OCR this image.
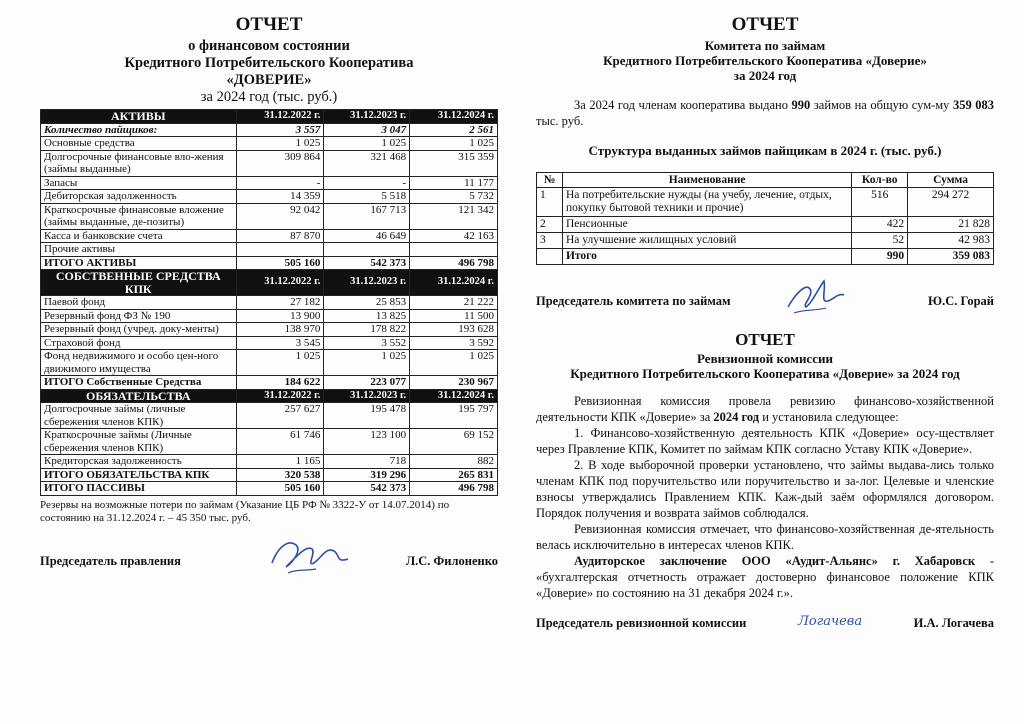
ОТЧЕТ
о финансовом состоянии
Кредитного Потребительского Кооператива
«ДОВЕРИЕ»
за 2024 год (тыс. руб.)
АКТИВЫ	31.12.2022 г.	31.12.2023 г.	31.12.2024 г.
Количество пайщиков:	3 557	3 047	2 561
Основные средства	1 025	1 025	1 025
Долгосрочные финансовые вло-жения (займы выданные)	309 864	321 468	315 359
Запасы	-	-	11 177
Дебиторская задолженность	14 359	5 518	5 732
Краткосрочные финансовые вложение (займы выданные, де-позиты)	92 042	167 713	121 342
Касса и банковские счета	87 870	46 649	42 163
Прочие активы			
ИТОГО АКТИВЫ	505 160	542 373	496 798
СОБСТВЕННЫЕ СРЕДСТВА КПК	31.12.2022 г.	31.12.2023 г.	31.12.2024 г.
Паевой фонд	27 182	25 853	21 222
Резервный фонд ФЗ № 190	13 900	13 825	11 500
Резервный фонд (учред. доку-менты)	138 970	178 822	193 628
Страховой фонд	3 545	3 552	3 592
Фонд недвижимого и особо цен-ного движимого имущества	1 025	1 025	1 025
ИТОГО Собственные Средства	184 622	223 077	230 967
ОБЯЗАТЕЛЬСТВА	31.12.2022 г.	31.12.2023 г.	31.12.2024 г.
Долгосрочные займы (личные сбережения членов КПК)	257 627	195 478	195 797
Краткосрочные займы (Личные сбережения членов КПК)	61 746	123 100	69 152
Кредиторская задолженность	1 165	718	882
ИТОГО ОБЯЗАТЕЛЬСТВА КПК	320 538	319 296	265 831
ИТОГО ПАССИВЫ	505 160	542 373	496 798
Резервы на возможные потери по займам (Указание ЦБ РФ № 3322-У от 14.07.2014) по состоянию на 31.12.2024 г. – 45 350 тыс. руб.
Председатель правления	Л.С. Филоненко
ОТЧЕТ
Комитета по займам
Кредитного Потребительского Кооператива «Доверие»
за 2024 год
За 2024 год членам кооператива выдано 990 займов на общую сум-му 359 083 тыс. руб.
Структура выданных займов пайщикам в 2024 г. (тыс. руб.)
№	Наименование	Кол-во	Сумма
1	На потребительские нужды (на учебу, лечение, отдых, покупку бытовой техники и прочие)	516	294 272
2	Пенсионные	422	21 828
3	На улучшение жилищных условий	52	42 983
	Итого	990	359 083
Председатель комитета по займам	Ю.С. Горай
ОТЧЕТ
Ревизионной комиссии
Кредитного Потребительского Кооператива «Доверие» за 2024 год
Ревизионная комиссия провела ревизию финансово-хозяйственной деятельности КПК «Доверие» за 2024 год и установила следующее:
1. Финансово-хозяйственную деятельность КПК «Доверие» осу-ществляет через Правление КПК, Комитет по займам КПК согласно Уставу КПК «Доверие».
2. В ходе выборочной проверки установлено, что займы выдава-лись только членам КПК под поручительство или поручительство и за-лог. Целевые и членские взносы утверждались Правлением КПК. Каж-дый заём оформлялся договором. Порядок получения и возврата займов соблюдался.
Ревизионная комиссия отмечает, что финансово-хозяйственная де-ятельность велась исключительно в интересах членов КПК.
Аудиторское заключение ООО «Аудит-Альянс» г. Хабаровск - «бухгалтерская отчетность отражает достоверно финансовое положение КПК «Доверие» по состоянию на 31 декабря 2024 г.».
Председатель ревизионной комиссии	Логачева	И.А. Логачева
